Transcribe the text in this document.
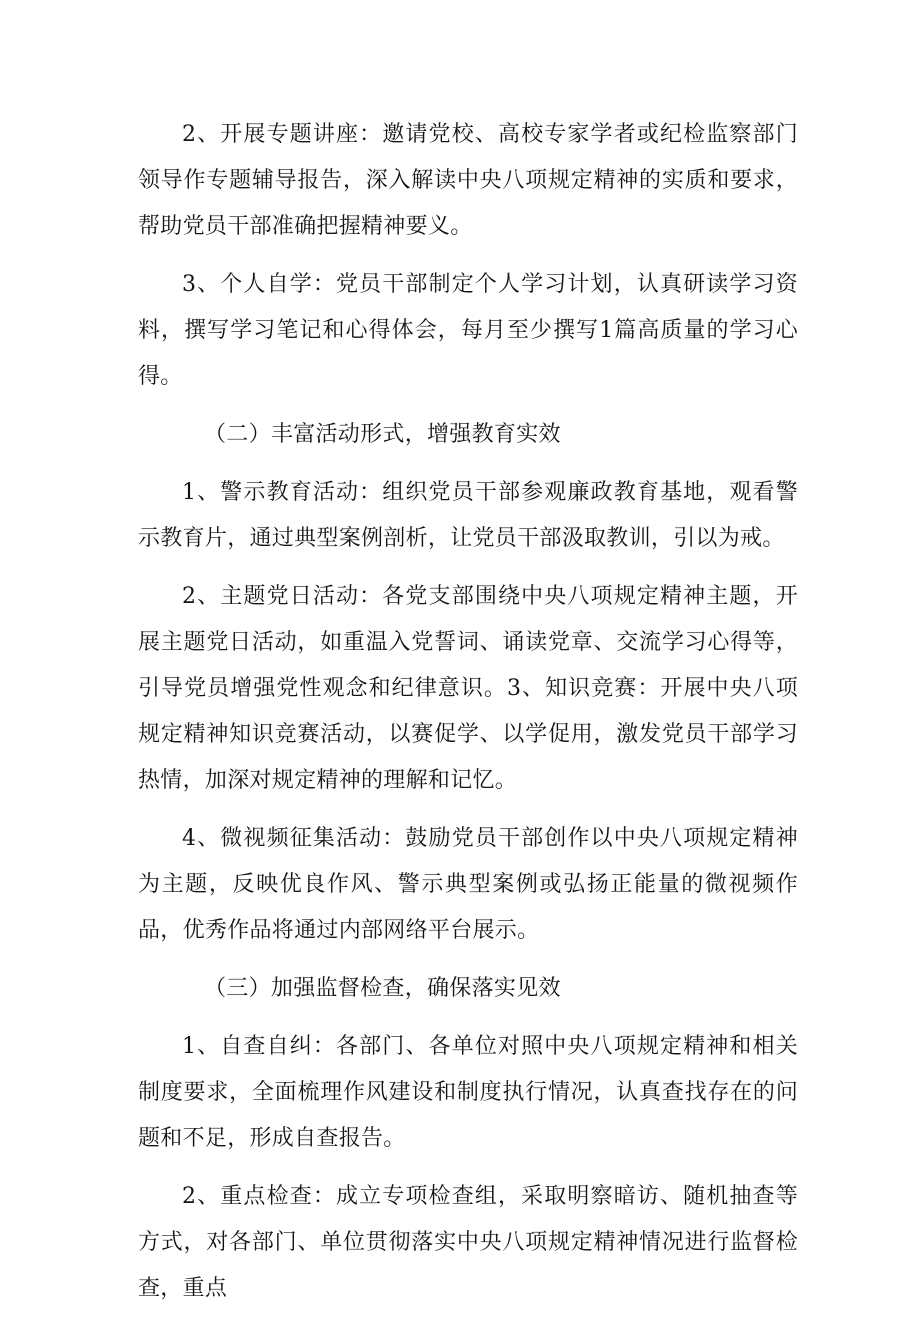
2、开展专题讲座：邀请党校、高校专家学者或纪检监察部门领导作专题辅导报告，深入解读中央八项规定精神的实质和要求，帮助党员干部准确把握精神要义。

3、个人自学：党员干部制定个人学习计划，认真研读学习资料，撰写学习笔记和心得体会，每月至少撰写1篇高质量的学习心得。

（二）丰富活动形式，增强教育实效

1、警示教育活动：组织党员干部参观廉政教育基地，观看警示教育片，通过典型案例剖析，让党员干部汲取教训，引以为戒。

2、主题党日活动：各党支部围绕中央八项规定精神主题，开展主题党日活动，如重温入党誓词、诵读党章、交流学习心得等，引导党员增强党性观念和纪律意识。3、知识竞赛：开展中央八项规定精神知识竞赛活动，以赛促学、以学促用，激发党员干部学习热情，加深对规定精神的理解和记忆。

4、微视频征集活动：鼓励党员干部创作以中央八项规定精神为主题，反映优良作风、警示典型案例或弘扬正能量的微视频作品，优秀作品将通过内部网络平台展示。

（三）加强监督检查，确保落实见效

1、自查自纠：各部门、各单位对照中央八项规定精神和相关制度要求，全面梳理作风建设和制度执行情况，认真查找存在的问题和不足，形成自查报告。

2、重点检查：成立专项检查组，采取明察暗访、随机抽查等方式，对各部门、单位贯彻落实中央八项规定精神情况进行监督检查，重点
